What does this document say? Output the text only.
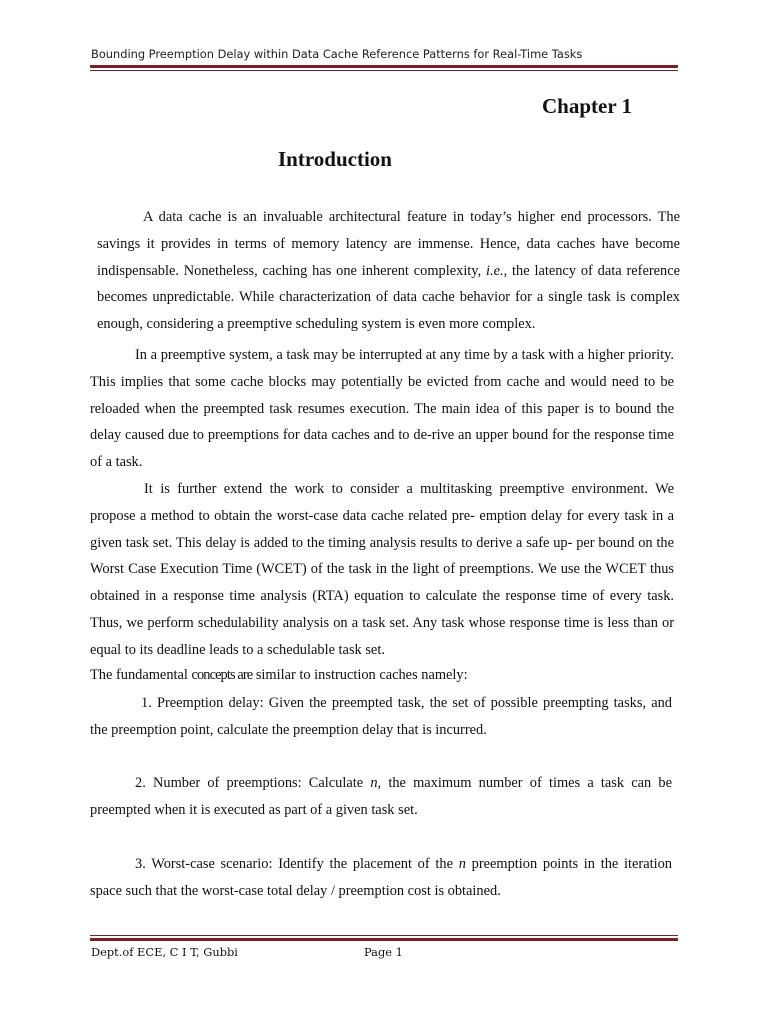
Bounding Preemption Delay within Data Cache Reference Patterns for Real-Time Tasks
Chapter 1
Introduction

A data cache is an invaluable architectural feature in today’s higher end processors. The savings it provides in terms of memory latency are immense. Hence, data caches have become indispensable. Nonetheless, caching has one inherent complexity, i.e., the latency of data reference becomes unpredictable. While characterization of data cache behavior for a single task is complex enough, considering a preemptive scheduling system is even more complex.

In a preemptive system, a task may be interrupted at any time by a task with a higher priority. This implies that some cache blocks may potentially be evicted from cache and would need to be reloaded when the preempted task resumes execution. The main idea of this paper is to bound the delay caused due to preemptions for data caches and to de-rive an upper bound for the response time of a task.

It is further extend the work to consider a multitasking preemptive environment. We propose a method to obtain the worst-case data cache related pre- emption delay for every task in a given task set. This delay is added to the timing analysis results to derive a safe up- per bound on the Worst Case Execution Time (WCET) of the task in the light of preemptions. We use the WCET thus obtained in a response time analysis (RTA) equation to calculate the response time of every task. Thus, we perform schedulability analysis on a task set. Any task whose response time is less than or equal to its deadline leads to a schedulable task set.

The fundamental concepts are similar to instruction caches namely:

1. Preemption delay: Given the preempted task, the set of possible preempting tasks, and the preemption point, calculate the preemption delay that is incurred.

2. Number of preemptions: Calculate n, the maximum number of times a task can be preempted when it is executed as part of a given task set.

3. Worst-case scenario: Identify the placement of the n preemption points in the iteration space such that the worst-case total delay / preemption cost is obtained.

Dept.of ECE, C I T, Gubbi	Page 1
